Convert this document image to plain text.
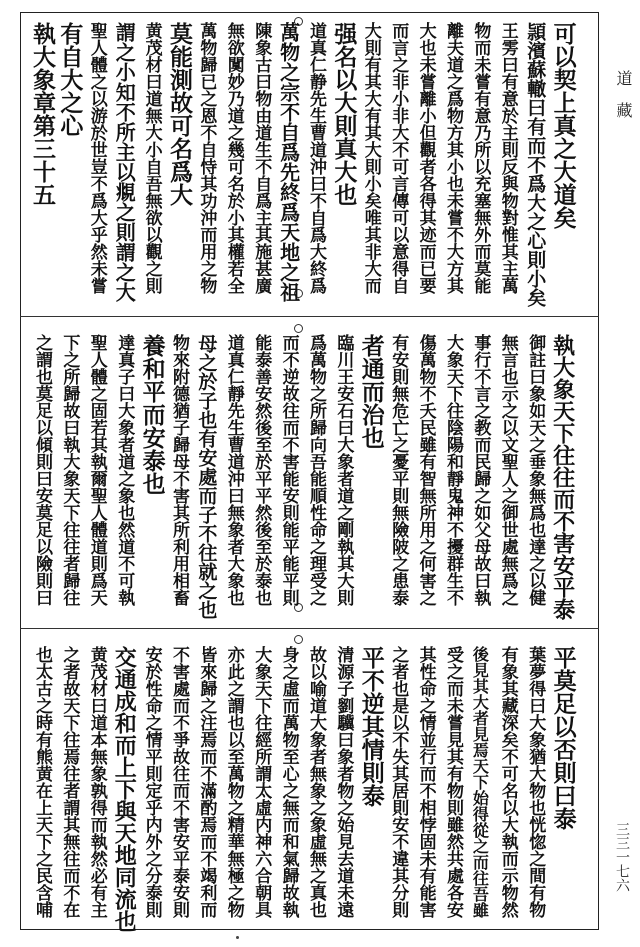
道　藏
三三一七六
可以契上真之大道矣
頴濱蘇轍曰有而不爲大之心則小矣
王雱曰有意於主則反與物對惟其主萬
物而未嘗有意乃所以充塞無外而莫能
離夫道之爲物方其小也未嘗不大方其
大也未嘗離小但觀者各得其迹而已要
而言之非小非大不可言傳可以意得自
大則有其大有其大則小矣唯其非大而
强名以大則真大也
道真仁静先生曹道沖曰不自爲大終爲
萬物之宗不自爲先終爲天地之祖
陳象古曰物由道生不自爲主其施甚廣
無欲闃妙乃道之幾可名於小其權若全
萬物歸已之恩不自恃其功沖而用之物
莫能測故可名爲大
黄茂材曰道無大小自吾無欲以觀之則
謂之小知不所主以覜之則謂之大
聖人體之以游於世豈不爲大乎然未嘗
有自大之心
執大象章第三十五
執大象天下往往而不害安平泰
御註曰象如天之垂象無爲也達之以健
無言也示之以文聖人之御世處無爲之
事行不言之教而民歸之如父母故曰執
大象天下往陰陽和靜鬼神不擾群生不
傷萬物不夭民雖有智無所用之何害之
有安則無危亡之憂平則無險陂之患泰
者通而治也
臨川王安石曰大象者道之剛執其大則
爲萬物之所歸向吾能順性命之理受之
而不逆故往而不害能安則能平能平則
能泰善安然後至於平平然後至於泰也
道真仁靜先生曹道沖曰無象者大象也
母之於子也有安處而子不往就之也
物來附德猶子歸母不害其所利用相畜
養和平而安泰也
達真子曰大象者道之象也然道不可執
聖人體之固若其執爾聖人體道則爲天
下之所歸故曰執大象天下往往者歸往
之謂也莫足以傾則曰安莫足以險則曰
平莫足以否則曰泰
葉夢得曰大象猶大物也恍惚之間有物
有象其藏深矣不可名以大執而示物然
後見其大者見焉天下始得從之而往吾雖
受之而未嘗見其有物則雖然共處各安
其性命之情並行而不相悖固未有能害
之者也是以不失其居則安不違其分則
平不逆其情則泰
清源子劉驥曰象者物之始見去道未遠
故以喻道大象者無象之象虛無之真也
身之虛而萬物至心之無而和氣歸故執
大象天下往經所謂太虛内神六合朝具
亦此之謂也以至萬物之精華無極之物
皆來歸之注焉而不滿酌焉而不竭利而
不害處而不爭故往而不害安平泰安則
安於性命之情平則定乎内外之分泰則
交通成和而上下與天地同流也
黄茂材曰道本無象孰得而執然必有主
之者故天下往焉往者謂其無往而不在
也太古之時有熊黄在上天下之民含哺
